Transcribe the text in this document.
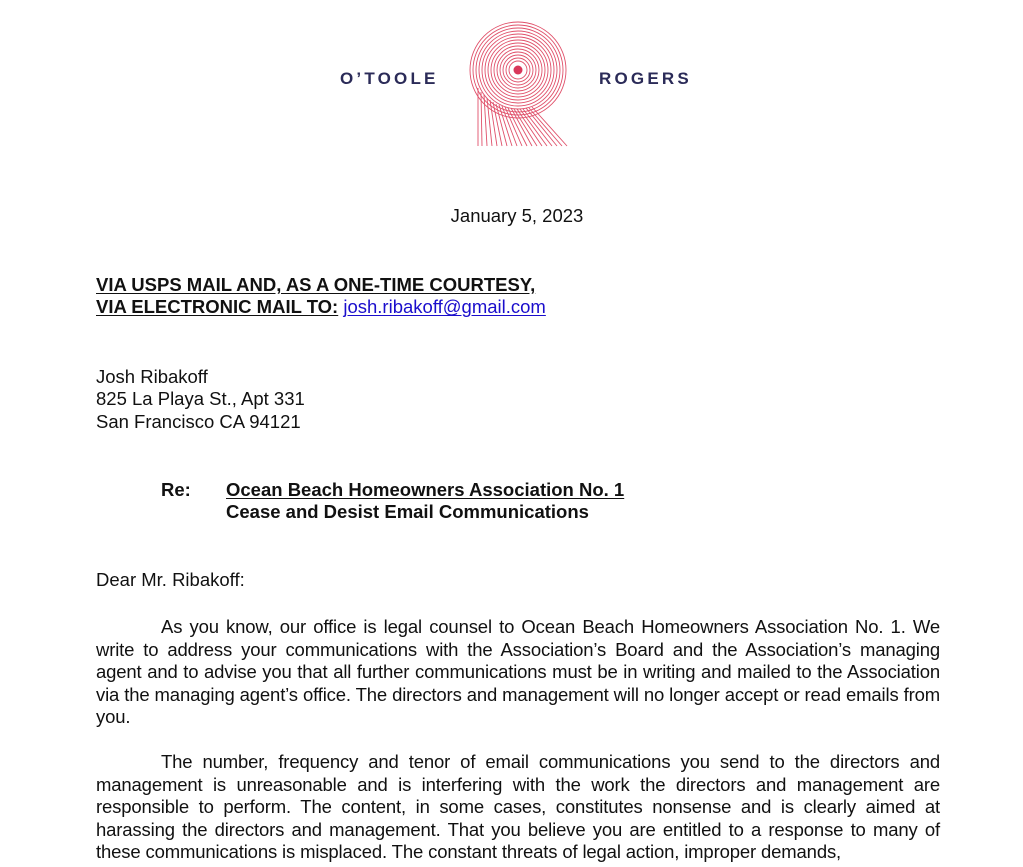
O’TOOLE	ROGERS
January 5, 2023
VIA USPS MAIL AND, AS A ONE-TIME COURTESY,
VIA ELECTRONIC MAIL TO: josh.ribakoff@gmail.com
Josh Ribakoff
825 La Playa St., Apt 331
San Francisco CA 94121
Re: Ocean Beach Homeowners Association No. 1
Cease and Desist Email Communications
Dear Mr. Ribakoff:
As you know, our office is legal counsel to Ocean Beach Homeowners Association No. 1. We write to address your communications with the Association’s Board and the Association’s managing agent and to advise you that all further communications must be in writing and mailed to the Association via the managing agent’s office. The directors and management will no longer accept or read emails from you.
The number, frequency and tenor of email communications you send to the directors and management is unreasonable and is interfering with the work the directors and management are responsible to perform. The content, in some cases, constitutes nonsense and is clearly aimed at harassing the directors and management. That you believe you are entitled to a response to many of these communications is misplaced. The constant threats of legal action, improper demands,
